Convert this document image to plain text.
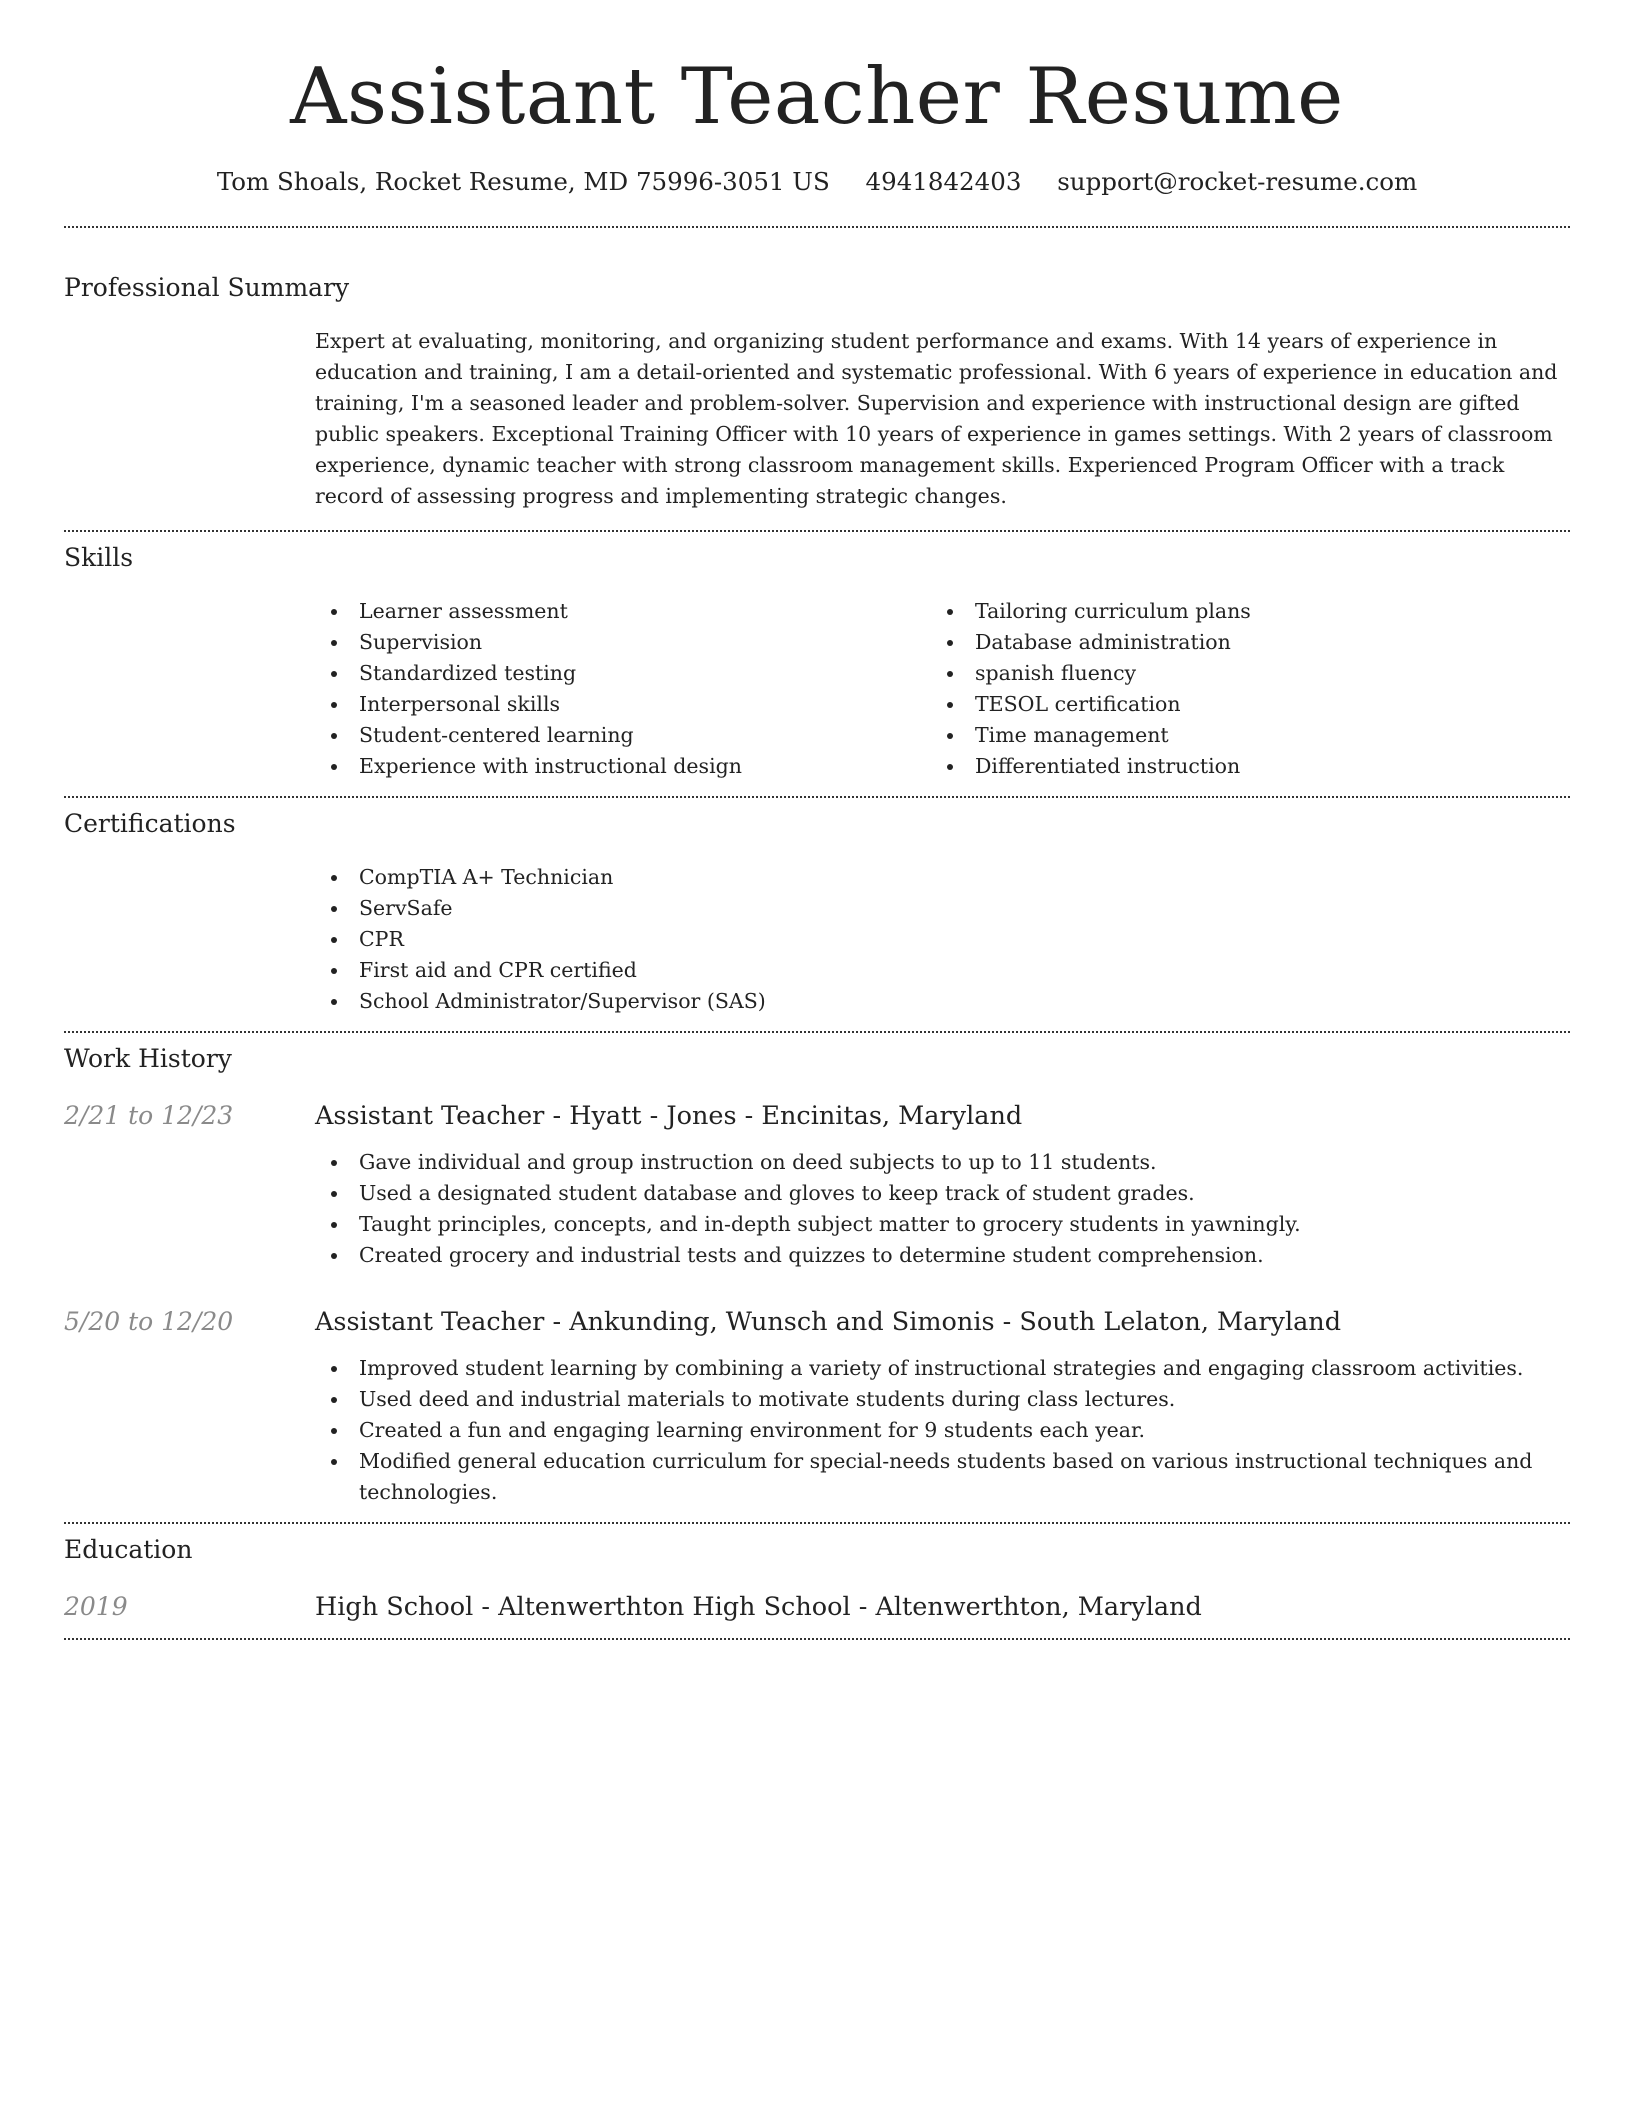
Assistant Teacher Resume
Tom Shoals, Rocket Resume, MD 75996-3051 US 4941842403 support@rocket-resume.com
Professional Summary

Expert at evaluating, monitoring, and organizing student performance and exams. With 14 years of experience in education and training, I am a detail-oriented and systematic professional. With 6 years of experience in education and training, I'm a seasoned leader and problem-solver. Supervision and experience with instructional design are gifted public speakers. Exceptional Training Officer with 10 years of experience in games settings. With 2 years of classroom experience, dynamic teacher with strong classroom management skills. Experienced Program Officer with a track record of assessing progress and implementing strategic changes.

Skills
Learner assessment
Supervision
Standardized testing
Interpersonal skills
Student-centered learning
Experience with instructional design
Tailoring curriculum plans
Database administration
spanish fluency
TESOL certification
Time management
Differentiated instruction
Certifications
CompTIA A+ Technician
ServSafe
CPR
First aid and CPR certified
School Administrator/Supervisor (SAS)
Work History
2/21 to 12/23	Assistant Teacher - Hyatt - Jones - Encinitas, Maryland
Gave individual and group instruction on deed subjects to up to 11 students.
Used a designated student database and gloves to keep track of student grades.
Taught principles, concepts, and in-depth subject matter to grocery students in yawningly.
Created grocery and industrial tests and quizzes to determine student comprehension.
5/20 to 12/20	Assistant Teacher - Ankunding, Wunsch and Simonis - South Lelaton, Maryland
Improved student learning by combining a variety of instructional strategies and engaging classroom activities.
Used deed and industrial materials to motivate students during class lectures.
Created a fun and engaging learning environment for 9 students each year.
Modified general education curriculum for special-needs students based on various instructional techniques and technologies.
Education
2019	High School - Altenwerthton High School - Altenwerthton, Maryland
